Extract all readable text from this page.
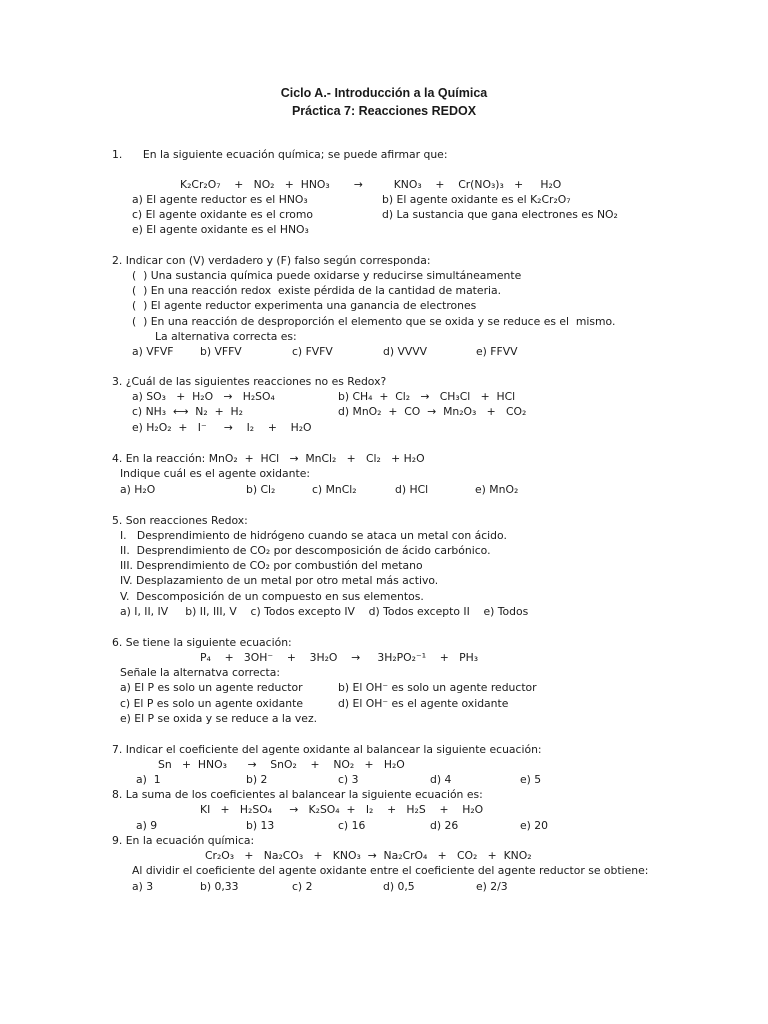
Ciclo A.- Introducción a la Química
Práctica 7: Reacciones REDOX
1.      En la siguiente ecuación química; se puede afirmar que:
K₂Cr₂O₇    +   NO₂   +  HNO₃       →         KNO₃    +    Cr(NO₃)₃   +     H₂O
a) El agente reductor es el HNO₃	b) El agente oxidante es el K₂Cr₂O₇
c) El agente oxidante es el cromo	d) La sustancia que gana electrones es NO₂
e) El agente oxidante es el HNO₃
2. Indicar con (V) verdadero y (F) falso según corresponda:
(  ) Una sustancia química puede oxidarse y reducirse simultáneamente
(  ) En una reacción redox  existe pérdida de la cantidad de materia.
(  ) El agente reductor experimenta una ganancia de electrones
(  ) En una reacción de desproporción el elemento que se oxida y se reduce es el  mismo.
La alternativa correcta es:
a) VFVF b) VFFV	c) FVFV	d) VVVV	e) FFVV
3. ¿Cuál de las siguientes reacciones no es Redox?
a) SO₃   +  H₂O   →   H₂SO₄	b) CH₄  +  Cl₂   →   CH₃Cl   +  HCl
c) NH₃  ⟷  N₂  +  H₂	d) MnO₂  +  CO  →  Mn₂O₃   +   CO₂
e) H₂O₂  +   I⁻     →    I₂    +    H₂O
4. En la reacción: MnO₂  +  HCl   →  MnCl₂   +   Cl₂   + H₂O
Indique cuál es el agente oxidante:
a) H₂O	b) Cl₂	c) MnCl₂	d) HCl	e) MnO₂
5. Son reacciones Redox:
I.   Desprendimiento de hidrógeno cuando se ataca un metal con ácido.
II.  Desprendimiento de CO₂ por descomposición de ácido carbónico.
III. Desprendimiento de CO₂ por combustión del metano
IV. Desplazamiento de un metal por otro metal más activo.
V.  Descomposición de un compuesto en sus elementos.
a) I, II, IV     b) II, III, V    c) Todos excepto IV    d) Todos excepto II    e) Todos
6. Se tiene la siguiente ecuación:
P₄    +   3OH⁻    +    3H₂O    →     3H₂PO₂⁻¹    +   PH₃
Señale la alternatva correcta:
a) El P es solo un agente reductor	b) El OH⁻ es solo un agente reductor
c) El P es solo un agente oxidante	d) El OH⁻ es el agente oxidante
e) El P se oxida y se reduce a la vez.
7. Indicar el coeficiente del agente oxidante al balancear la siguiente ecuación:
Sn   +  HNO₃      →    SnO₂    +    NO₂   +   H₂O
a)  1	b) 2	c) 3	d) 4	e) 5
8. La suma de los coeficientes al balancear la siguiente ecuación es:
KI   +   H₂SO₄     →   K₂SO₄  +   I₂    +   H₂S    +    H₂O
a) 9	b) 13	c) 16	d) 26	e) 20
9. En la ecuación química:
Cr₂O₃   +   Na₂CO₃   +   KNO₃  →  Na₂CrO₄   +   CO₂   +  KNO₂
Al dividir el coeficiente del agente oxidante entre el coeficiente del agente reductor se obtiene:
a) 3	b) 0,33	c) 2	d) 0,5	e) 2/3
